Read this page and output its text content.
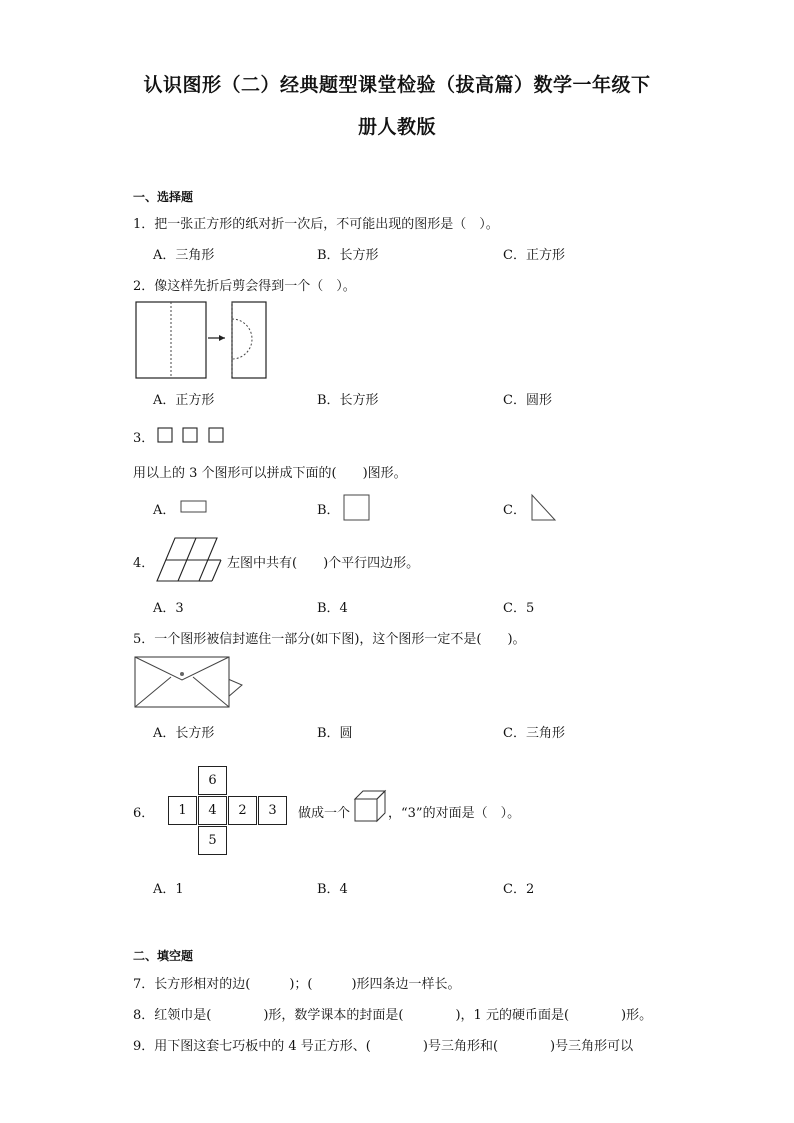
认识图形（二）经典题型课堂检验（拔高篇）数学一年级下
册人教版
一、选择题
1．把一张正方形的纸对折一次后，不可能出现的图形是（　）。
A．三角形	B．长方形	C．正方形
2．像这样先折后剪会得到一个（　）。
A．正方形	B．长方形	C．圆形
3．
用以上的 3 个图形可以拼成下面的(　　)图形。
A．	B．	C．
4．	左图中共有(　　)个平行四边形。
A．3	B．4	C．5
5．一个图形被信封遮住一部分(如下图)，这个图形一定不是(　　)。
A．长方形	B．圆	C．三角形
6．
6
1	4	2	3
5
做成一个	，“3”的对面是（　）。
A．1	B．4	C．2
二、填空题
7．长方形相对的边(　　　)；(　　　)形四条边一样长。
8．红领巾是(　　　　)形，数学课本的封面是(　　　　)，1 元的硬币面是(　　　　)形。
9．用下图这套七巧板中的 4 号正方形、(　　　　)号三角形和(　　　　)号三角形可以
